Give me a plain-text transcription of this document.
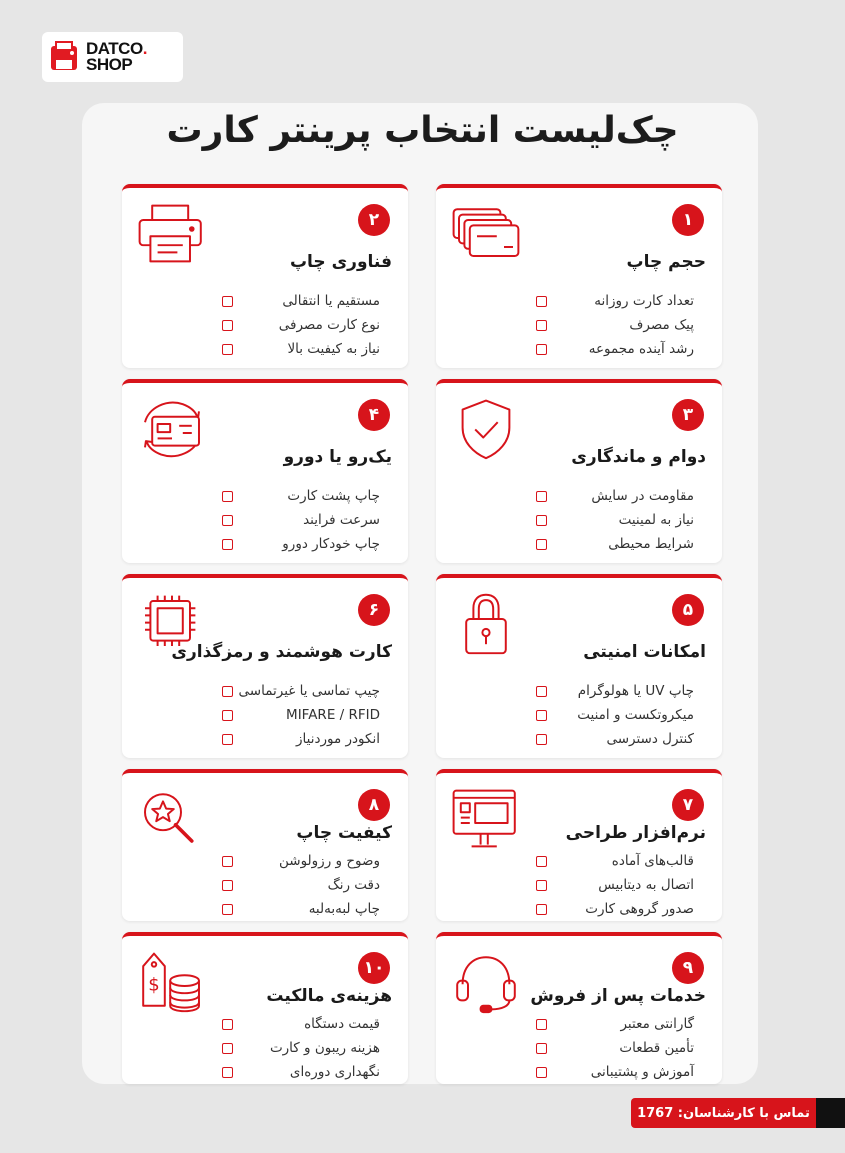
DATCO.
SHOP
چک‌لیست انتخاب پرینتر کارت
۱
حجم چاپ
تعداد کارت روزانه
پیک مصرف
رشد آینده مجموعه
۲
فناوری چاپ
مستقیم یا انتقالی
نوع کارت مصرفی
نیاز به کیفیت بالا
۳
دوام و ماندگاری
مقاومت در سایش
نیاز به لمینیت
شرایط محیطی
۴
یک‌رو یا دورو
چاپ پشت کارت
سرعت فرایند
چاپ خودکار دورو
۵
امکانات امنیتی
چاپ UV یا هولوگرام
میکروتکست و امنیت
کنترل دسترسی
۶
کارت هوشمند و رمزگذاری
چیپ تماسی یا غیرتماسی
MIFARE / RFID
انکودر موردنیاز
۷
نرم‌افزار طراحی
قالب‌های آماده
اتصال به دیتابیس
صدور گروهی کارت
۸
کیفیت چاپ
وضوح و رزولوشن
دقت رنگ
چاپ لبه‌به‌لبه
۹
خدمات پس از فروش
گارانتی معتبر
تأمین قطعات
آموزش و پشتیبانی
۱۰
$
هزینه‌ی مالکیت
قیمت دستگاه
هزینه ریبون و کارت
نگهداری دوره‌ای
تماس با کارشناسان: 1767
